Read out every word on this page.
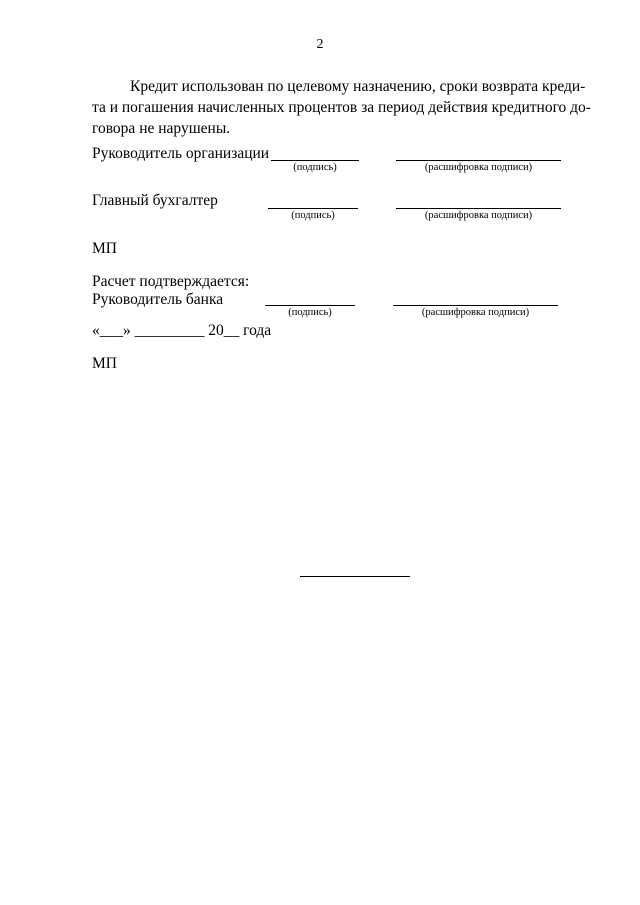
2
Кредит использован по целевому назначению, сроки возврата креди-
та и погашения начисленных процентов за период действия кредитного до-
говора не нарушены.
Руководитель организации
(подпись)	(расшифровка подписи)
Главный бухгалтер
(подпись)	(расшифровка подписи)
МП
Расчет подтверждается:
Руководитель банка
(подпись)	(расшифровка подписи)
«___» _________ 20__ года
МП
